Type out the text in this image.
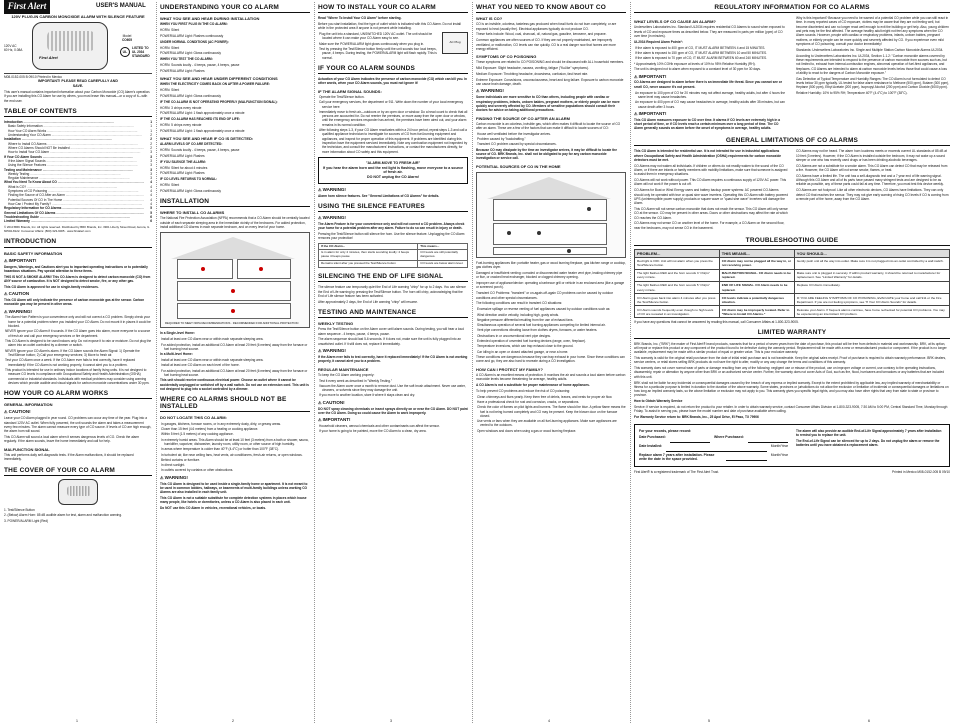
First Alert	USER'S MANUAL
120V PLUG-IN CARBON MONOXIDE ALARM WITH SILENCE FEATURE
First Alert
120V AC
60 Hz, 0.08A
Model
CO605
UL
LISTED TO
UL 2034
STANDARD
M08-0152-005 B 09/10 Printed in Mexico
IMPORTANT! PLEASE READ CAREFULLY AND SAVE.
This user's manual contains important information about your Carbon Monoxide (CO) Alarm's operation. If you are installing this CO Alarm for use by others, you must leave this manual—or a copy of it—with the end user.
TABLE OF CONTENTS
Introduction .....	1
Basic Safety Information .....	1
How Your CO Alarm Works .....	1
Understanding Your CO Alarm .....	2
Installation .....	2
Where to Install CO Alarms .....	2
Where CO Alarms Should NOT Be Installed .....	2
How to Install Your CO Alarm .....	3
If Your CO Alarm Sounds .....	3
If the Alarm Signal Sounds .....	3
Using the Silence Features .....	3
Testing and Maintenance .....	3
Weekly Testing .....	3
Regular Maintenance .....	3
What You Need To Know About CO .....	4
What is CO? .....	4
Symptoms of CO Poisoning .....	4
Finding the Source of CO After an Alarm .....	4
Potential Sources Of CO In The Home .....	4
How Can I Protect My Family? .....	4
Regulatory Information for CO Alarms .....	5
General Limitations Of CO Alarms .....	5
Troubleshooting Guide .....	6
Limited Warranty .....	6
© 2010 BRK Brands, Inc. All rights reserved. Distributed by BRK Brands, Inc. 3901 Liberty Street Road, Aurora, IL 60504-8122. Consumer Affairs: (800) 323-9005 · www.firstalert.com
INTRODUCTION
BASIC SAFETY INFORMATION
⚠ IMPORTANT!
Dangers, Warnings, and Cautions alert you to important operating instructions or to potentially hazardous situations. Pay special attention to these items.
THIS IS NOT A SMOKE ALARM! This CO Alarm is designed to detect carbon monoxide (CO) from ANY source of combustion. It is NOT designed to detect smoke, fire, or any other gas.
This CO Alarm is approved for use in single-family residences.
⚠ CAUTION
This CO Alarm will only indicate the presence of carbon monoxide gas at the sensor. Carbon monoxide gas may be present in other areas.
⚠ WARNING!
The Alarm Horn Pattern is your convenience only and will not correct a CO problem. Simply check your home for a potential problem where you installed your CO Alarm. Do not mount it in places it could be blocked.
NEVER ignore your CO Alarm if it sounds. If the CO Alarm goes into alarm, move everyone to a source of fresh air and call your emergency services or fire department.
This CO Alarm is designed to be used indoors only. Do not expose it to rain or moisture. Do not plug the alarm into an outlet controlled by a dimmer or switch.
NEVER ignore your CO Alarm's alarm. If the CO Alarm sounds the Alarm Signal: 1) Operate the Test/Silence button; 2) Call your emergency services; 3) Move to fresh air.
Test your CO Alarm once a week. If the CO Alarm ever fails to test correctly, have it replaced immediately! If the CO Alarm is not working properly, it cannot alert you to a problem.
This product is intended for use in ordinary indoor locations of family living units. It is not designed to measure CO levels in compliance with Occupational Safety and Health Administration (OSHA) commercial or industrial standards. Individuals with medical problems may consider using warning devices which provide audible and visual signals for carbon monoxide concentrations under 30 ppm.
HOW YOUR CO ALARM WORKS
GENERAL INFORMATION
⚠ CAUTION!
Leave your CO Alarm plugged in year round. CO problems can occur any time of the year. Plug into a standard 120V AC outlet. When fully powered, the unit sounds the alarm and takes a measurement every few minutes. The alarm cannot measure every type of CO source. If levels of CO are high enough, the alarm horn will sound.
This CO Alarm will sound a loud alarm when it senses dangerous levels of CO. Check the alarm regularly. If the alarm sounds, leave the home immediately and call for help.
MALFUNCTION SIGNAL
This unit performs daily self-diagnostic tests. If the Alarm malfunctions, it should be replaced immediately.
THE COVER OF YOUR CO ALARM
1. Test/Silence Button
2. (Below) Alarm Horn: 85 dB audible alarm for test, alarm and malfunction warning.
3. POWER/ALARM Light (Red)
1
UNDERSTANDING YOUR CO ALARM
WHAT YOU SEE AND HEAR DURING INSTALLATION
WHEN YOU FIRST PLUG IN THE CO ALARM:
HORN: Silent
POWER/ALARM Light: Flashes continuously
UNDER NORMAL CONDITIONS (AC POWER):
HORN: Silent
POWER/ALARM Light: Glows continuously
WHEN YOU TEST THE CO ALARM:
HORN: Sounds loudly - 4 beeps, pause, 4 beeps, pause
POWER/ALARM Light: Flashes
WHAT YOU SEE AND HEAR UNDER DIFFERENT CONDITIONS
WHEN THE ELECTRICITY COMES BACK ON AFTER A POWER FAILURE:
HORN: Silent
POWER/ALARM Light: Glows continuously
IF THE CO ALARM IS NOT OPERATING PROPERLY (MALFUNCTION SIGNAL):
HORN: 3 chirps every minute
POWER/ALARM Light: 1 flash approximately once a minute
IF THE CO ALARM HAS REACHED ITS END OF LIFE:
HORN: 5 chirps every minute
POWER/ALARM Light: 1 flash approximately once a minute
WHAT YOU SEE AND HEAR IF CO IS DETECTED:
ALARM LEVELS OF CO ARE DETECTED:
HORN: Sounds loudly - 4 beeps, pause, 4 beeps, pause
POWER/ALARM Light: Flashes
IF YOU SILENCE THE ALARM:
HORN: Silent for about 4 minutes
POWER/ALARM Light: Flashes
IF CO LEVEL RETURNS TO NORMAL:
HORN: Silent
POWER/ALARM Light: Glows continuously
INSTALLATION
WHERE TO INSTALL CO ALARMS
The National Fire Protection Association (NFPA) recommends that a CO Alarm should be centrally located outside of each separate sleeping area in the immediate vicinity of the bedrooms. For added protection, install additional CO Alarms in each separate bedroom, and on every level of your home.
REQUIRED TO MEET NFPA RECOMMENDATIONS · RECOMMENDED FOR ADDITIONAL PROTECTION
In a Single-level Home:
Install at least one CO Alarm near or within each separate sleeping area.
For added protection, install an additional CO Alarm at least 20 feet (6 meters) away from the furnace or fuel burning heat source.
In a Multi-level Home:
Install at least one CO Alarm near or within each separate sleeping area.
Install at least one CO Alarm on each level of the home.
For added protection, install an additional CO Alarm at least 20 feet (6 meters) away from the furnace or fuel burning heat source.
This unit should receive continuous electrical power. Choose an outlet where it cannot be accidentally unplugged or switched off by a wall switch. Do not use an extension cord. This unit is not designed to plug into a socket controlled by a dimmer.
WHERE CO ALARMS SHOULD NOT BE INSTALLED
DO NOT LOCATE THIS CO ALARM:
In garages, kitchens, furnace rooms, or in any extremely dusty, dirty, or greasy areas.
Closer than 15 feet (4.6 meters) from a heating or cooking appliance.
Within 5 feet (1.5 meters) of any cooking appliance.
In extremely humid areas. This Alarm should be at least 10 feet (3 meters) from a bath or shower, sauna, humidifier, vaporizer, dishwasher, laundry room, utility room, or other source of high humidity.
In areas where temperature is colder than 40°F (4.4°C) or hotter than 100°F (38°C).
In turbulent air, like near ceiling fans, heat vents, air conditioners, fresh-air returns, or open windows.
Behind curtains or furniture.
In direct sunlight.
In outlets covered by curtains or other obstructions.
⚠ WARNING!
This CO Alarm is designed to be used inside a single-family home or apartment. It is not meant to be used in common lobbies, hallways, or basements of multi-family buildings unless working CO Alarms are also installed in each family unit.
This CO Alarm is not a suitable substitute for complete detection systems in places which house many people, like hotels or dormitories, unless a CO Alarm is also placed in each unit.
Do NOT use this CO Alarm in vehicles, recreational vehicles, or boats.
2
HOW TO INSTALL YOUR CO ALARM
Read "Where To Install Your CO Alarm" before starting.
Before you start installation, find the type of outlet which is indicated with this CO Alarm. Do not install while in the protected area if anyone is not present while installing.
AC Plug
Plug the unit into a standard, UNSWITCHED 120V AC outlet. The unit should be located where it can make your CO Alarm easy to see.
Make sure the POWER/ALARM light glows continuously when you plug in.
Test by pressing the Test/Silence button firmly until the unit sounds four loud beeps, pause, 4 beeps. During testing, the POWER/ALARM light will flash rapidly. This is normal.
IF YOUR CO ALARM SOUNDS
Actuation of your CO Alarm indicates the presence of carbon monoxide (CO) which can kill you. In other words, when your CO Alarm sounds, you must not ignore it!
IF THE ALARM SIGNAL SOUNDS:
Operate the Test/Silence button.
Call your emergency services, fire department or 911. Write down the number of your local emergency service here:
Immediately move to fresh air—outdoors or by an open door or window. Do a head count to check that all persons are accounted for. Do not reenter the premises, or move away from the open door or window, until the emergency services responder has arrived, the premises have been aired out, and your alarm remains in its normal condition.
After following steps 1-3, if your CO Alarm reactivates within a 24 hour period, repeat steps 1-3 and call a qualified appliance technician to investigate for sources of CO from fuel-burning equipment and appliances, and inspect for proper operation of this equipment. If problems are identified during this inspection have the equipment serviced immediately. Note any combustion equipment not inspected by the technician, and consult the manufacturers' instructions, or contact the manufacturers directly, for more information about CO safety and this equipment.
"ALARM-MOVE TO FRESH AIR"
If you hear the alarm horn and the red light is flashing, move everyone to a source of fresh air.
DO NOT unplug the CO Alarm!
⚠ WARNING!
Alarm horn silence features. See "General Limitations of CO Alarms" for details.
USING THE SILENCE FEATURES
⚠ WARNING!
The Alarm Feature is for your convenience only and will not correct a CO problem. Always check your home for a potential problem after any alarm. Failure to do so can result in injury or death.
Pressing the Test/Silence button will silence the horn. Use the silence feature. Unplugging the CO Alarm removes your protection!
If the CO Alarm...	This means...
Is in alarm for only 4 minutes, then starts sounding loudly: 4 beeps pause 4 beeps pause	CO levels are still potentially dangerous.
Remains silent after you pressed the Test/Silence button	CO levels are below alarm level.
SILENCING THE END OF LIFE SIGNAL
The silence feature can temporarily quiet the End of Life warning "chirp" for up to 2 days. You can silence the End of Life warning by pressing the Test/Silence button. The horn will chirp, acknowledging that the End of Life silence feature has been activated.
After approximately 2 days, the End of Life warning "chirp" will resume.
TESTING AND MAINTENANCE
WEEKLY TESTING
Press the Test/Silence button on the Alarm cover until alarm sounds. During testing, you will hear a loud alarm sequence - 4 beeps, pause, 4 beeps, pause.
The alarm sequence should last 5-6 seconds. If it does not, make sure the unit is fully plugged into an unswitched outlet. If it still does not, replace it immediately.
⚠ WARNING!
If the Alarm ever fails to test correctly, have it replaced immediately! If the CO Alarm is not working properly, it cannot alert you to a problem.
REGULAR MAINTENANCE
To keep the CO Alarm working properly:
Test it every week as described in "Weekly Testing."
Vacuum the Alarm cover once a month to remove dust. Use the soft brush attachment. Never use water, cleaners, or solvents since they may damage the unit.
If you move to another location, store it where it stays clean and dry.
⚠ CAUTION!
DO NOT spray cleaning chemicals or insect sprays directly on or near the CO Alarm. DO NOT paint over the CO Alarm. Doing so could cause the Alarm to work improperly.
⚠ IMPORTANT!
Household cleaners, aerosol chemicals and other contaminants can affect the sensor.
If your home is going to be painted, move the CO Alarm to a clean, dry area.
3
WHAT YOU NEED TO KNOW ABOUT CO
WHAT IS CO?
CO is an invisible, odorless, tasteless gas produced when fossil fuels do not burn completely, or are exposed to heat (usually fire). Electrical appliances typically do not produce CO.
These fuels include: Wood, coal, charcoal, oil, natural gas, gasoline, kerosene, and propane.
Common appliances are often sources of CO. If they are not properly maintained, are improperly ventilated, or malfunction, CO levels can rise quickly. CO is a real danger now that homes are more energy efficient.
SYMPTOMS OF CO POISONING
These symptoms are related to CO POISONING and should be discussed with ALL household members.
Mild Exposure: Slight headache, nausea, vomiting, fatigue ("flu-like" symptoms).
Medium Exposure: Throbbing headache, drowsiness, confusion, fast heart rate.
Extreme Exposure: Convulsions, unconsciousness, heart and lung failure. Exposure to carbon monoxide can cause brain damage, death.
⚠ WARNING!
Some individuals are more sensitive to CO than others, including people with cardiac or respiratory problems, infants, unborn babies, pregnant mothers, or elderly people can be more quickly and severely affected by CO. Members of sensitive populations should consult their doctors for advice on taking additional precautions.
FINDING THE SOURCE OF CO AFTER AN ALARM
Carbon monoxide is an odorless, invisible gas, which often makes it difficult to locate the source of CO after an alarm. These are a few of the factors that can make it difficult to locate sources of CO:
House well ventilated before the investigator arrives.
Problem caused by "backdrafting."
Transient CO problem caused by special circumstances.
Because CO may dissipate by the time an investigator arrives, it may be difficult to locate the source of CO. BRK Brands, Inc. shall not be obligated to pay for any carbon monoxide investigation or service call.
POTENTIAL SOURCES OF CO IN THE HOME
Fuel-burning appliances like: portable heater, gas or wood burning fireplace, gas kitchen range or cooktop, gas clothes dryer.
Damaged or insufficient venting: corroded or disconnected water heater vent pipe, leaking chimney pipe or flue, or cracked heat exchanger, blocked or clogged chimney opening.
Improper use of appliance/device: operating a barbecue grill or vehicle in an enclosed area (like a garage or screened porch).
Transient CO Problems: "transient" or on-again-off-again CO problems can be caused by outdoor conditions and other special circumstances.
The following conditions can result in transient CO situations:
Excessive spillage or reverse venting of fuel appliances caused by outdoor conditions such as:
Wind direction and/or velocity, including high, gusty winds.
Negative pressure differential resulting from the use of exhaust fans.
Simultaneous operation of several fuel burning appliances competing for limited internal air.
Vent pipe connections vibrating loose from clothes dryers, furnaces, or water heaters.
Obstructions in or unconventional vent pipe designs.
Extended operation of unvented fuel burning devices (range, oven, fireplace).
Temperature inversions, which can trap exhaust close to the ground.
Car idling in an open or closed attached garage, or near a home.
These conditions are dangerous because they can trap exhaust in your home. Since these conditions can come and go, they are also hard to recreate during a CO investigation.
HOW CAN I PROTECT MY FAMILY?
A CO Alarm is an excellent means of protection. It monitors the air and sounds a loud alarm before carbon monoxide levels become threatening for average, healthy adults.
A CO Alarm is not a substitute for proper maintenance of home appliances.
To help prevent CO problems and reduce the risk of CO poisoning:
Clean chimneys and flues yearly. Keep them free of debris, leaves, and nests for proper air flow.
Have a professional check for rust and corrosion, cracks, or separations.
Check the color of flames on pilot lights and burners. The flame should be blue. A yellow flame means the fuel is not being burned completely and CO may be present. Keep the blower door on the furnace closed.
Use vents or fans when they are available on all fuel-burning appliances. Make sure appliances are vented to the outdoors.
Open windows and doors when using a gas or wood burning fireplace.
4
REGULATORY INFORMATION FOR CO ALARMS
WHAT LEVELS OF CO CAUSE AN ALARM?
Underwriters Laboratories Inc. Standard UL2034 requires residential CO Alarms to sound when exposed to levels of CO and exposure times as described below. They are measured in parts per million (ppm) of CO over time (in minutes).
UL2034 Required Alarm Points*:
If the alarm is exposed to 400 ppm of CO, IT MUST ALARM BETWEEN 4 and 15 MINUTES.
If the alarm is exposed to 150 ppm of CO, IT MUST ALARM BETWEEN 10 and 50 MINUTES.
If the alarm is exposed to 70 ppm of CO, IT MUST ALARM BETWEEN 60 and 240 MINUTES.
* Approximately 10% COHb exposure at levels of 10% to 95% Relative Humidity (RH).
The unit is designed not to alarm when exposed to a constant level of 30 ppm for 30 days.
⚠ IMPORTANT!
CO Alarms are designed to alarm before there is an immediate life threat. Since you cannot see or smell CO, never assume it's not present.
An exposure to 100 ppm of CO for 20 minutes may not affect average, healthy adults, but after 4 hours the same level may cause headaches.
An exposure to 400 ppm of CO may cause headaches in average, healthy adults after 35 minutes, but can cause death after 3 hours.
⚠ IMPORTANT!
This CO Alarm measures exposure to CO over time. It alarms if CO levels are extremely high in a short period of time, or if CO levels reach a certain minimum over a long period of time. The CO Alarm generally sounds an alarm before the onset of symptoms in average, healthy adults.
Why is this important? Because you need to be warned of a potential CO problem while you can still react in time. In many reported cases of CO exposure, victims may be aware that they are not feeling well, but become disoriented and can no longer react well enough to exit the building or get help. Also, young children and pets may be the first affected. The average healthy adult might not feel any symptoms when the CO Alarm sounds. However, people with cardiac or respiratory problems, infants, unborn babies, pregnant mothers, or elderly people can be more quickly and severely affected by CO. If you experience even mild symptoms of CO poisoning, consult your doctor immediately!
Standards: Underwriters Laboratories Inc. Single and Multiple Station Carbon Monoxide Alarms UL2034.
According to Underwriters Laboratories Inc. UL2034, Section 1-1.2: "Carbon monoxide alarms covered by these requirements are intended to respond to the presence of carbon monoxide from sources such as, but not limited to, exhaust from internal-combustion engines, abnormal operation of fuel-fired appliances, and fireplaces. CO Alarms are intended to alarm at carbon monoxide levels below those that could cause a loss of ability to react to the dangers of Carbon Monoxide exposure."
Gas Detection at Typical Temperature and Humidity Ranges: The CO Alarm is not formulated to detect CO levels below 30 ppm typically. UL tested for false alarm resistance to Methane (500 ppm), Butane (300 ppm), Heptane (500 ppm), Ethyl Acetate (200 ppm), Isopropyl Alcohol (200 ppm) and Carbon Dioxide (5000 ppm).
Relative Humidity: 10% to 95% RH; Temperature 40°F (4.4°C) to 100°F (38°C).
GENERAL LIMITATIONS OF CO ALARMS
This CO Alarm is intended for residential use. It is not intended for use in industrial applications where Occupational Safety and Health Administration (OSHA) requirements for carbon monoxide detectors must be met.
CO Alarms may not waken all individuals. If children or others do not readily waken to the sound of the CO Alarm, or if there are infants or family members with mobility limitations, make sure that someone is assigned to assist them in emergency situations.
CO Alarms will not work without power. This CO Alarm requires a continuous supply of 120V AC power. This Alarm will not work if the power is cut off.
CO Alarms for Boat or Wind Energy users and battery backup power systems: AC powered CO Alarms should only be operated with true or quasi sine wave inverters. Operating this CO Alarm with battery powered UPS (uninterruptible power supply) products or square wave or "quasi sine wave" inverters will damage the Alarm.
This CO Alarm will not sense carbon monoxide that does not reach the sensor. This CO Alarm will only sense CO at the sensor. CO may be present in other areas. Doors or other obstructions may affect the rate at which CO reaches the CO Alarm.
CO Alarms may not sense CO on another level of the home. For example, a CO Alarm on the second floor, near the bedrooms, may not sense CO in the basement.
CO Alarms may not be heard. The alarm horn loudness meets or exceeds current UL standards of 85 dB at 10 feet (3 meters). However, if the CO Alarm is installed outside the bedroom, it may not wake up a sound sleeper or one who has recently used drugs or has been drinking alcoholic beverages.
CO Alarms are not a substitute for a smoke alarm. This CO Alarm can detect CO that may be released from a fire. However, the CO Alarm will not sense smoke, flames, or heat.
CO Alarms have a limited life. The unit has a self-diagnostic test and a 7 year end of life warning signal. Although this CO Alarm and all of its parts have passed many stringent tests and are designed to be as reliable as possible, any of these parts could fail at any time. Therefore, you must test this device weekly.
CO Alarms are not foolproof. Like all other electronic devices, CO Alarms have limitations. They can only detect CO that reaches the sensor. They may not give early warning of rising CO levels if CO is coming from a remote part of the home, away from the CO Alarm.
TROUBLESHOOTING GUIDE
PROBLEM...	THIS MEANS...	YOU SHOULD...
Red light is OFF. Unit will not alarm when you press the Test/Silence button.	CO Alarm may not be plugged all the way in, or not receiving power.	Gently push unit all the way into outlet. Make sure it is not plugged into an outlet controlled by a wall switch.
The light flashes RED and the horn sounds 3 "chirps" every minute.	MALFUNCTION SIGNAL. CO Alarm needs to be replaced.	Make sure unit is plugged in securely. If within product warranty, it should be returned to manufacturer for replacement. See "Limited Warranty" for details.
The light flashes RED and the horn sounds 5 "chirps" every minute.	END OF LIFE SIGNAL. CO Alarm needs to be replaced.	Replace CO Alarm immediately.
CO Alarm goes back into alarm 4 minutes after you press the Test/Silence button.	CO levels indicate a potentially dangerous situation.	IF YOU ARE FEELING SYMPTOMS OF CO POISONING, EVACUATE your home and call 911 or the Fire Department. If you are not feeling symptoms, see "If Your CO Alarm Sounds" for details.
CO Alarm sounds frequently even though no high levels of CO are revealed in an investigation.	CO Alarm may be improperly located. Refer to "Where to Install CO Alarms."	Relocate your Alarm. If frequent alarms continue, have home rechecked for potential CO problems. You may be experiencing an intermittent CO problem.
If you have any questions that cannot be answered by reading this manual, call Consumer Affairs at 1-800-323-9005.
LIMITED WARRANTY
BRK Brands, Inc. ("BRK") the maker of First Alert® brand products, warrants that for a period of seven years from the date of purchase, this product will be free from defects in material and workmanship. BRK, at its option, will repair or replace this product or any component of the product found to be defective during the warranty period. Replacement will be made with a new or remanufactured product or component. If the product is no longer available, replacement may be made with a similar product of equal or greater value. This is your exclusive warranty.
This warranty is valid for the original retail purchaser from the date of initial retail purchase and is not transferable. Keep the original sales receipt. Proof of purchase is required to obtain warranty performance. BRK dealers, service centers, or retail stores selling BRK products do not have the right to alter, modify or any way change the terms and conditions of this warranty.
This warranty does not cover normal wear of parts or damage resulting from any of the following: negligent use or misuse of the product, use on improper voltage or current, use contrary to the operating instructions, disassembly, repair or alteration by anyone other than BRK or an authorized service center. Further, the warranty does not cover Acts of God, such as fire, flood, hurricanes and tornadoes or any batteries that are included with this unit.
BRK shall not be liable for any incidental or consequential damages caused by the breach of any express or implied warranty. Except to the extent prohibited by applicable law, any implied warranty of merchantability or fitness for a particular purpose is limited in duration to the duration of the above warranty. Some states, provinces or jurisdictions do not allow the exclusion or limitation of incidental or consequential damages or limitations on how long an implied warranty lasts, so the above limitation or exclusion may not apply to you. This warranty gives you specific legal rights, and you may also have other rights that vary from state to state or province to province.
How to Obtain Warranty Service
Service: If service is required, do not return the product to your retailer. In order to obtain warranty service, contact Consumer Affairs Division at 1-800-323-9005, 7:30 AM to 5:00 PM, Central Standard Time, Monday through Friday. To assist in serving you, please have the model number and date of purchase available when calling.
For Warranty Service return to: BRK Brands, Inc., 25 Apol Drive, El Paso, TX 79906
For your records, please record:
Date Purchased:	Where Purchased:
Date Installed:	Month/Year
Replace alarm 7 years after installation. Please write the date in the space provided.
Month/Year
The alarm will also provide an audible End-of-Life Signal approximately 7 years after installation to remind you to replace the unit.
The End-of-Life Signal can be silenced for up to 2 days. Do not unplug the alarm or remove the batteries until you have obtained a replacement alarm.
First Alert® is a registered trademark of The First Alert Trust.	Printed in Mexico M08-0152-005 B 09/10
5	6
